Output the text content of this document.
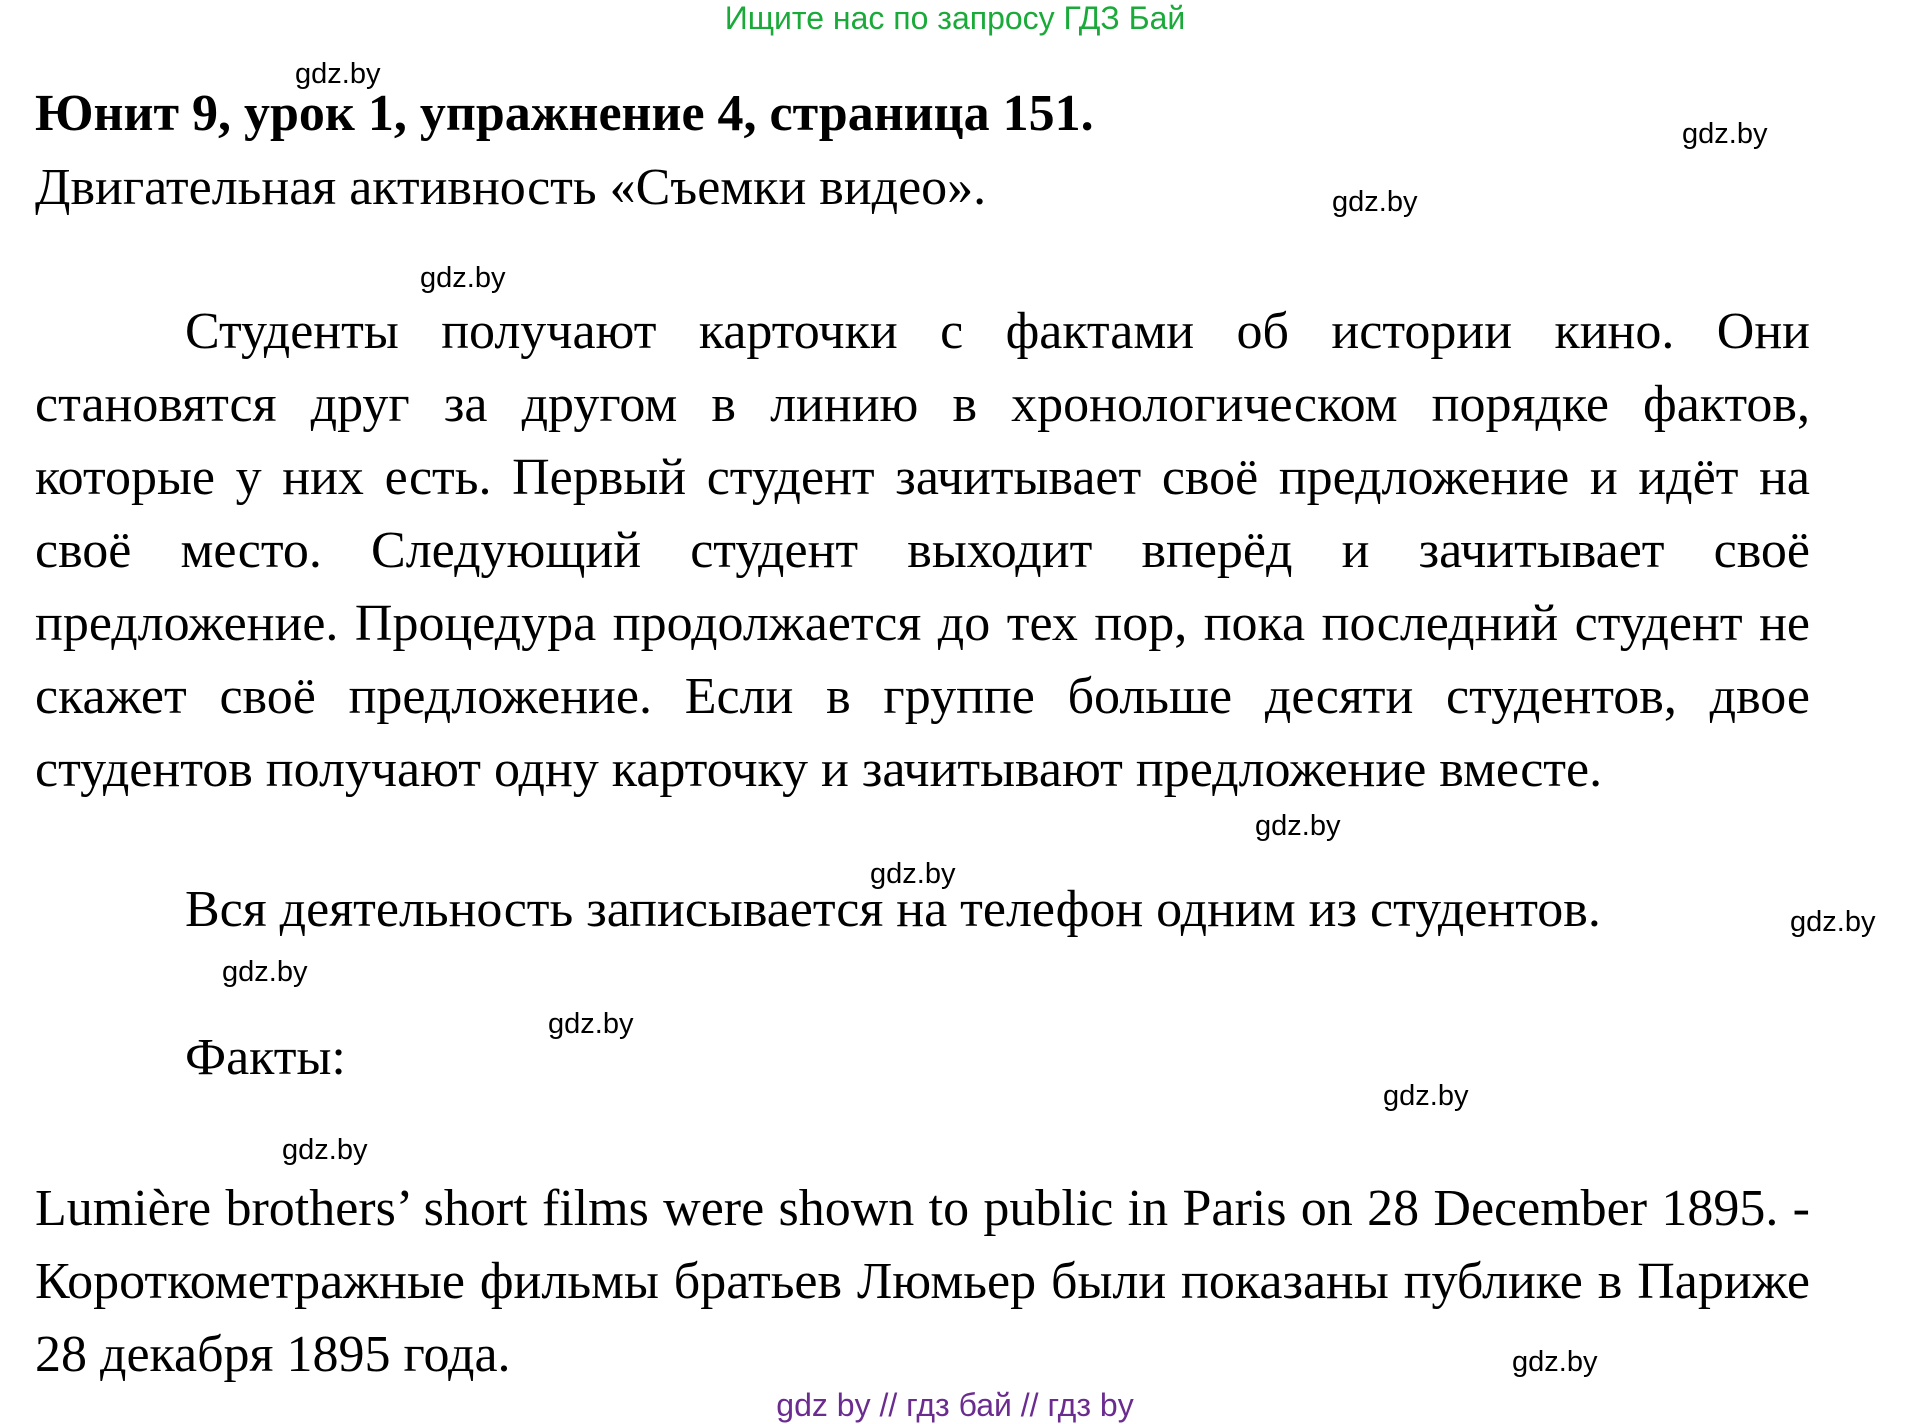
Ищите нас по запросу ГДЗ Бай
gdz.by
Юнит 9, урок 1, упражнение 4, страница 151.	gdz.by
Двигательная активность «Съемки видео».	gdz.by
gdz.by

Студенты получают карточки с фактами об истории кино. Они становятся друг за другом в линию в хронологическом порядке фактов, которые у них есть. Первый студент зачитывает своё предложение и идёт на своё место. Следующий студент выходит вперёд и зачитывает своё предложение. Процедура продолжается до тех пор, пока последний студент не скажет своё предложение. Если в группе больше десяти студентов, двое студентов получают одну карточку и зачитывают предложение вместе.

gdz.by
gdz.by
Вся деятельность записывается на телефон одним из студентов.	gdz.by
gdz.by
gdz.by
Факты:
gdz.by
gdz.by

Lumière brothers’ short films were shown to public in Paris on 28 December 1895. - Короткометражные фильмы братьев Люмьер были показаны публике в Париже 28 декабря 1895 года.	gdz.by
gdz by // гдз бай // гдз by
